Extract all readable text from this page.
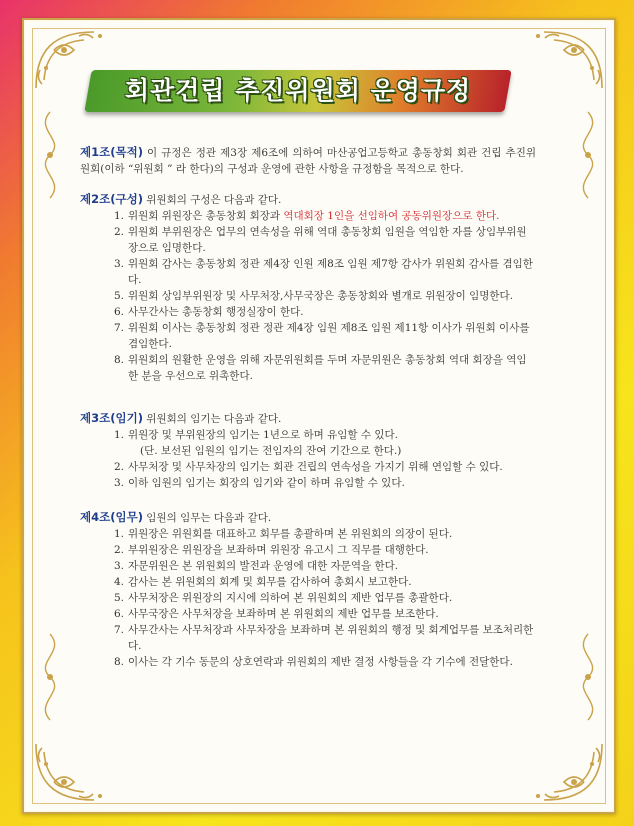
회관건립 추진위원회 운영규정
제1조(목적) 이 규정은 정관 제3장 제6조에 의하여 마산공업고등학교 총동창회 회관 건립 추진위원회(이하 “위원회 ” 라 한다)의 구성과 운영에 관한 사항을 규정함을 목적으로 한다.
제2조(구성) 위원회의 구성은 다음과 같다.
1. 위원회 위원장은 총동창회 회장과 역대회장 1인을 선임하여 공동위원장으로 한다.
2. 위원회 부위원장은 업무의 연속성을 위해 역대 총동창회 임원을 역임한 자를 상임부위원장으로 임명한다.
3. 위원회 감사는 총동창회 정관 제4장 인원 제8조 임원 제7항 감사가 위원회 감사를 겸임한다.
5. 위원회 상임부위원장 및 사무처장,사무국장은 총동창회와 별개로 위원장이 임명한다.
6. 사무간사는 총동창회 행정실장이 한다.
7. 위원회 이사는 총동창회 정관 정관 제4장 임원 제8조 임원 제11항 이사가 위원회 이사를 겸임한다.
8. 위원회의 원활한 운영을 위해 자문위원회를 두며 자문위원은 총동창회 역대 회장을 역임한 분을 우선으로 위촉한다.
제3조(임기) 위원회의 임기는 다음과 같다.
1. 위원장 및 부위원장의 임기는 1년으로 하며 유임할 수 있다.
(단. 보선된 임원의 임기는 전임자의 잔여 기간으로 한다.)
2. 사무처장 및 사무차장의 임기는 회관 건립의 연속성을 가지기 위해 연임할 수 있다.
3. 이하 임원의 임기는 회장의 임기와 같이 하며 유임할 수 있다.
제4조(임무) 임원의 임무는 다음과 같다.
1. 위원장은 위원회를 대표하고 회무를 총괄하며 본 위원회의 의장이 된다.
2. 부위원장은 위원장을 보좌하며 위원장 유고시 그 직무를 대행한다.
3. 자문위원은 본 위원회의 발전과 운영에 대한 자문역을 한다.
4. 감사는 본 위원회의 회계 및 회무를 감사하여 총회시 보고한다.
5. 사무처장은 위원장의 지시에 의하여 본 위원회의 제반 업무를 총괄한다.
6. 사무국장은 사무처장을 보좌하며 본 위원회의 제반 업무를 보조한다.
7. 사무간사는 사무처장과 사무차장을 보좌하며 본 위원회의 행정 및 회계업무를 보조처리한다.
8. 이사는 각 기수 동문의 상호연락과 위원회의 제반 결정 사항들을 각 기수에 전달한다.
